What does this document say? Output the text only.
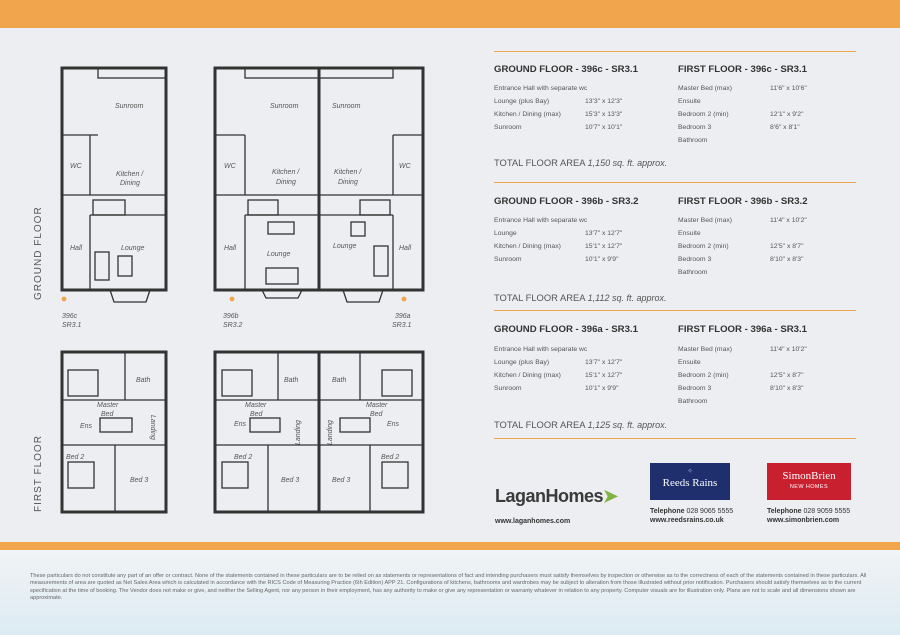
GROUND FLOOR
FIRST FLOOR
Sunroom
WC
Kitchen /
Dining
Hall	Lounge
Sunroom
WC
Kitchen /
Dining
Hall
Lounge
Sunroom
WC
Kitchen /
Dining
Hall
Lounge
Bath
Master
Bed
Ens	Landing
Bed 2
Bed 3
Bath
Master
Bed
Ens	Landing
Bed 2
Bed 3
Bath
Master
Bed
Ens
Landing
Bed 2
Bed 3
396c
SR3.1
396b
SR3.2
396a
SR3.1
GROUND FLOOR - 396c - SR3.1
Entrance Hall with separate wc
Lounge (plus Bay)	13'3" x 12'3"
Kitchen / Dining (max)	15'3" x 13'3"
Sunroom	10'7" x 10'1"
FIRST FLOOR - 396c - SR3.1
Master Bed (max)	11'6" x 10'6"
Ensuite
Bedroom 2 (min)	12'1" x 9'2"
Bedroom 3	8'6" x 8'1"
Bathroom
TOTAL FLOOR AREA 1,150 sq. ft. approx.
GROUND FLOOR - 396b - SR3.2
Entrance Hall with separate wc
Lounge	13'7" x 12'7"
Kitchen / Dining (max)	15'1" x 12'7"
Sunroom	10'1" x 9'9"
FIRST FLOOR - 396b - SR3.2
Master Bed (max)	11'4" x 10'2"
Ensuite
Bedroom 2 (min)	12'5" x 8'7"
Bedroom 3	8'10" x 8'3"
Bathroom
TOTAL FLOOR AREA 1,112 sq. ft. approx.
GROUND FLOOR - 396a - SR3.1
Entrance Hall with separate wc
Lounge (plus Bay)	13'7" x 12'7"
Kitchen / Dining (max)	15'1" x 12'7"
Sunroom	10'1" x 9'9"
FIRST FLOOR - 396a - SR3.1
Master Bed (max)	11'4" x 10'2"
Ensuite
Bedroom 2 (min)	12'5" x 8'7"
Bedroom 3	8'10" x 8'3"
Bathroom
TOTAL FLOOR AREA 1,125 sq. ft. approx.
LaganHomes➤
www.laganhomes.com
✧
Reeds Rains
Telephone 028 9065 5555
www.reedsrains.co.uk
SimonBrien
NEW HOMES
Telephone 028 9059 5555
www.simonbrien.com
These particulars do not constitute any part of an offer or contract. None of the statements contained in these particulars are to be relied on as statements or representations of fact and intending purchasers must satisfy themselves by inspection or otherwise as to the correctness of each of the statements contained in these particulars. All measurements of area are quoted as Net Sales Area which is calculated in accordance with the RICS Code of Measuring Practice (6th Edition) APP 21. Configurations of kitchens, bathrooms and wardrobes may be subject to alteration from those illustrated without prior notification. Purchasers should satisfy themselves as to the current specification at the time of booking. The Vendor does not make or give, and neither the Selling Agent, nor any person in their employment, has any authority to make or give any representation or warranty whatever in relation to any property. Computer visuals are for illustration only. Plans are not to scale and all dimensions shown are approximate.
